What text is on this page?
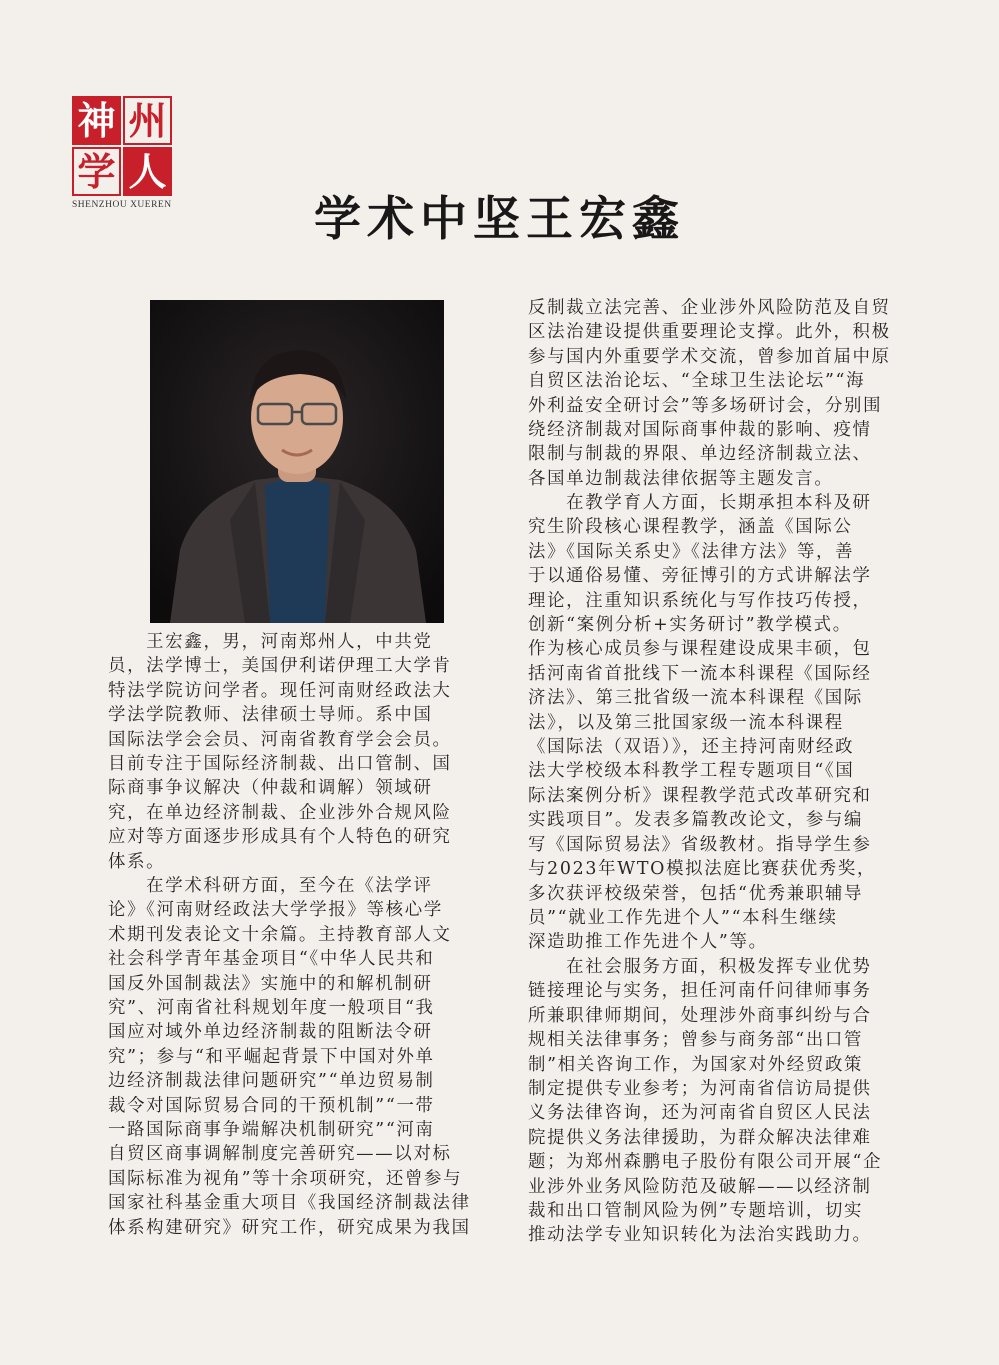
神 州
学 人
SHENZHOU XUEREN	学术中坚王宏鑫
　　王宏鑫，男，河南郑州人，中共党
员，法学博士，美国伊利诺伊理工大学肯
特法学院访问学者。现任河南财经政法大
学法学院教师、法律硕士导师。系中国
国际法学会会员、河南省教育学会会员。
目前专注于国际经济制裁、出口管制、国
际商事争议解决（仲裁和调解）领域研
究，在单边经济制裁、企业涉外合规风险
应对等方面逐步形成具有个人特色的研究
体系。
　　在学术科研方面，至今在《法学评
论》《河南财经政法大学学报》等核心学
术期刊发表论文十余篇。主持教育部人文
社会科学青年基金项目“《中华人民共和
国反外国制裁法》实施中的和解机制研
究”、河南省社科规划年度一般项目“我
国应对域外单边经济制裁的阻断法令研
究”；参与“和平崛起背景下中国对外单
边经济制裁法律问题研究”“单边贸易制
裁令对国际贸易合同的干预机制”“一带
一路国际商事争端解决机制研究”“河南
自贸区商事调解制度完善研究——以对标
国际标准为视角”等十余项研究，还曾参与
国家社科基金重大项目《我国经济制裁法律
体系构建研究》研究工作，研究成果为我国
反制裁立法完善、企业涉外风险防范及自贸
区法治建设提供重要理论支撑。此外，积极
参与国内外重要学术交流，曾参加首届中原
自贸区法治论坛、“全球卫生法论坛”“海
外利益安全研讨会”等多场研讨会，分别围
绕经济制裁对国际商事仲裁的影响、疫情
限制与制裁的界限、单边经济制裁立法、
各国单边制裁法律依据等主题发言。
　　在教学育人方面，长期承担本科及研
究生阶段核心课程教学，涵盖《国际公
法》《国际关系史》《法律方法》等，善
于以通俗易懂、旁征博引的方式讲解法学
理论，注重知识系统化与写作技巧传授，
创新“案例分析+实务研讨”教学模式。
作为核心成员参与课程建设成果丰硕，包
括河南省首批线下一流本科课程《国际经
济法》、第三批省级一流本科课程《国际
法》，以及第三批国家级一流本科课程
《国际法（双语）》，还主持河南财经政
法大学校级本科教学工程专题项目“《国
际法案例分析》课程教学范式改革研究和
实践项目”。发表多篇教改论文，参与编
写《国际贸易法》省级教材。指导学生参
与2023年WTO模拟法庭比赛获优秀奖，
多次获评校级荣誉，包括“优秀兼职辅导
员”“就业工作先进个人”“本科生继续
深造助推工作先进个人”等。
　　在社会服务方面，积极发挥专业优势
链接理论与实务，担任河南仟问律师事务
所兼职律师期间，处理涉外商事纠纷与合
规相关法律事务；曾参与商务部“出口管
制”相关咨询工作，为国家对外经贸政策
制定提供专业参考；为河南省信访局提供
义务法律咨询，还为河南省自贸区人民法
院提供义务法律援助，为群众解决法律难
题；为郑州森鹏电子股份有限公司开展“企
业涉外业务风险防范及破解——以经济制
裁和出口管制风险为例”专题培训，切实
推动法学专业知识转化为法治实践助力。
